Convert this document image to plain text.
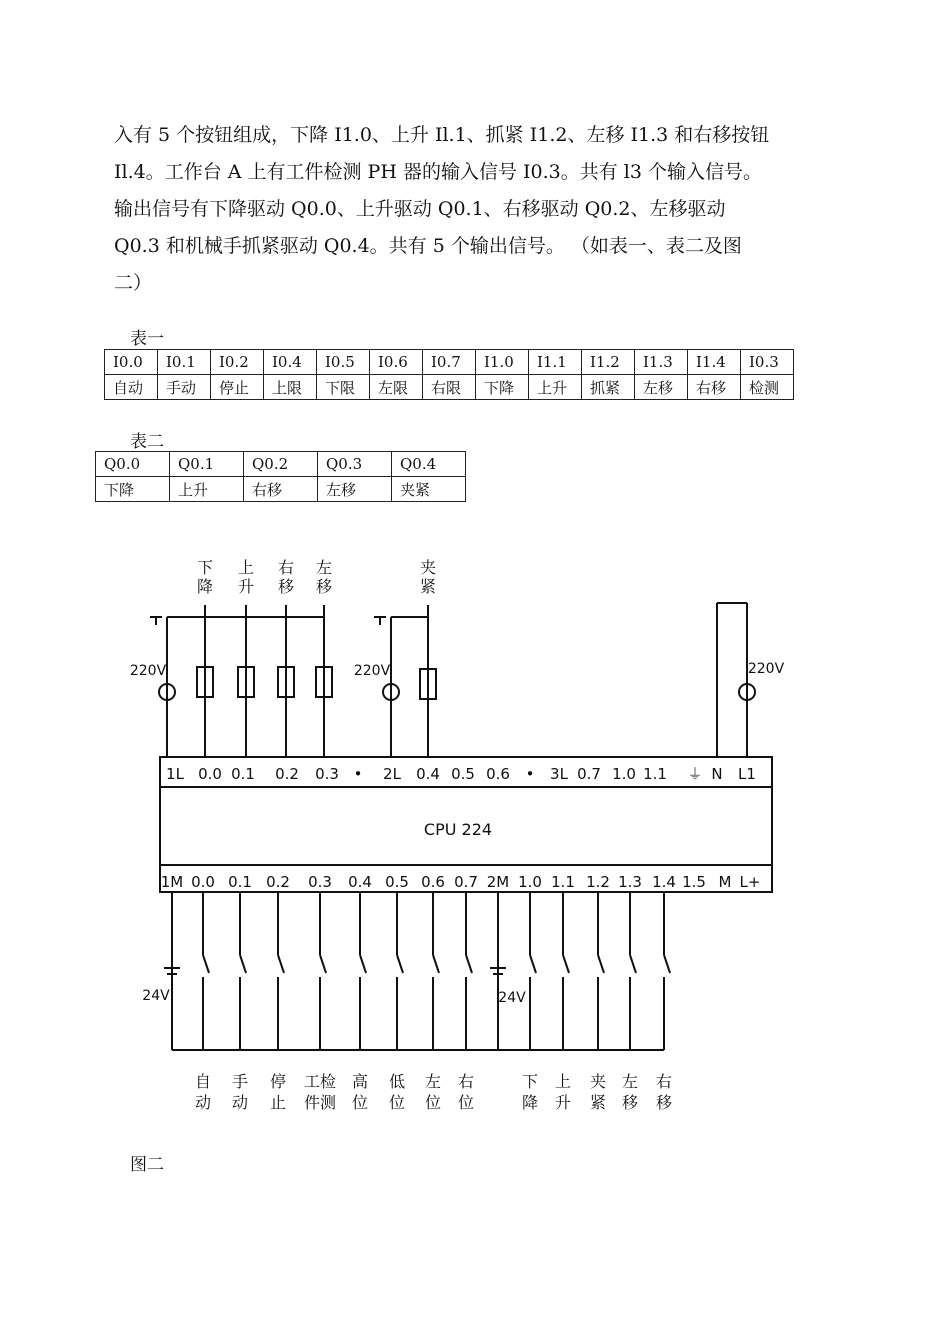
入有 5 个按钮组成，下降 I1.0、上升 Il.1、抓紧 I1.2、左移 I1.3 和右移按钮

Il.4。工作台 A 上有工件检测 PH 器的输入信号 I0.3。共有 l3 个输入信号。

输出信号有下降驱动 Q0.0、上升驱动 Q0.1、右移驱动 Q0.2、左移驱动

Q0.3 和机械手抓紧驱动 Q0.4。共有 5 个输出信号。 （如表一、表二及图

二）

表一
I0.0	I0.1	I0.2	I0.4	I0.5	I0.6	I0.7	I1.0	I1.1	I1.2	I1.3	I1.4	I0.3
自动	手动	停止	上限	下限	左限	右限	下降	上升	抓紧	左移	右移	检测
表二
Q0.0	Q0.1	Q0.2	Q0.3	Q0.4
下降	上升	右移	左移	夹紧
CPU 224
1L 0.0 0.1 0.2 0.3 • 2L 0.4 0.5 0.6 • 3L 0.7 1.0 1.1 ⏚ N L1
1M 0.0 0.1 0.2 0.3 0.4 0.5 0.6 0.7 2M 1.0 1.1 1.2 1.3 1.4 1.5 M L+
下
降
上
升
右
移
左
移
220V
夹
紧
220V	220V
自
动
手
动
停
止
工检
件测
高
位
低
位
左
位
右
位
下
降
上
升
夹
紧
左
移
右
移
24V	24V
图二
